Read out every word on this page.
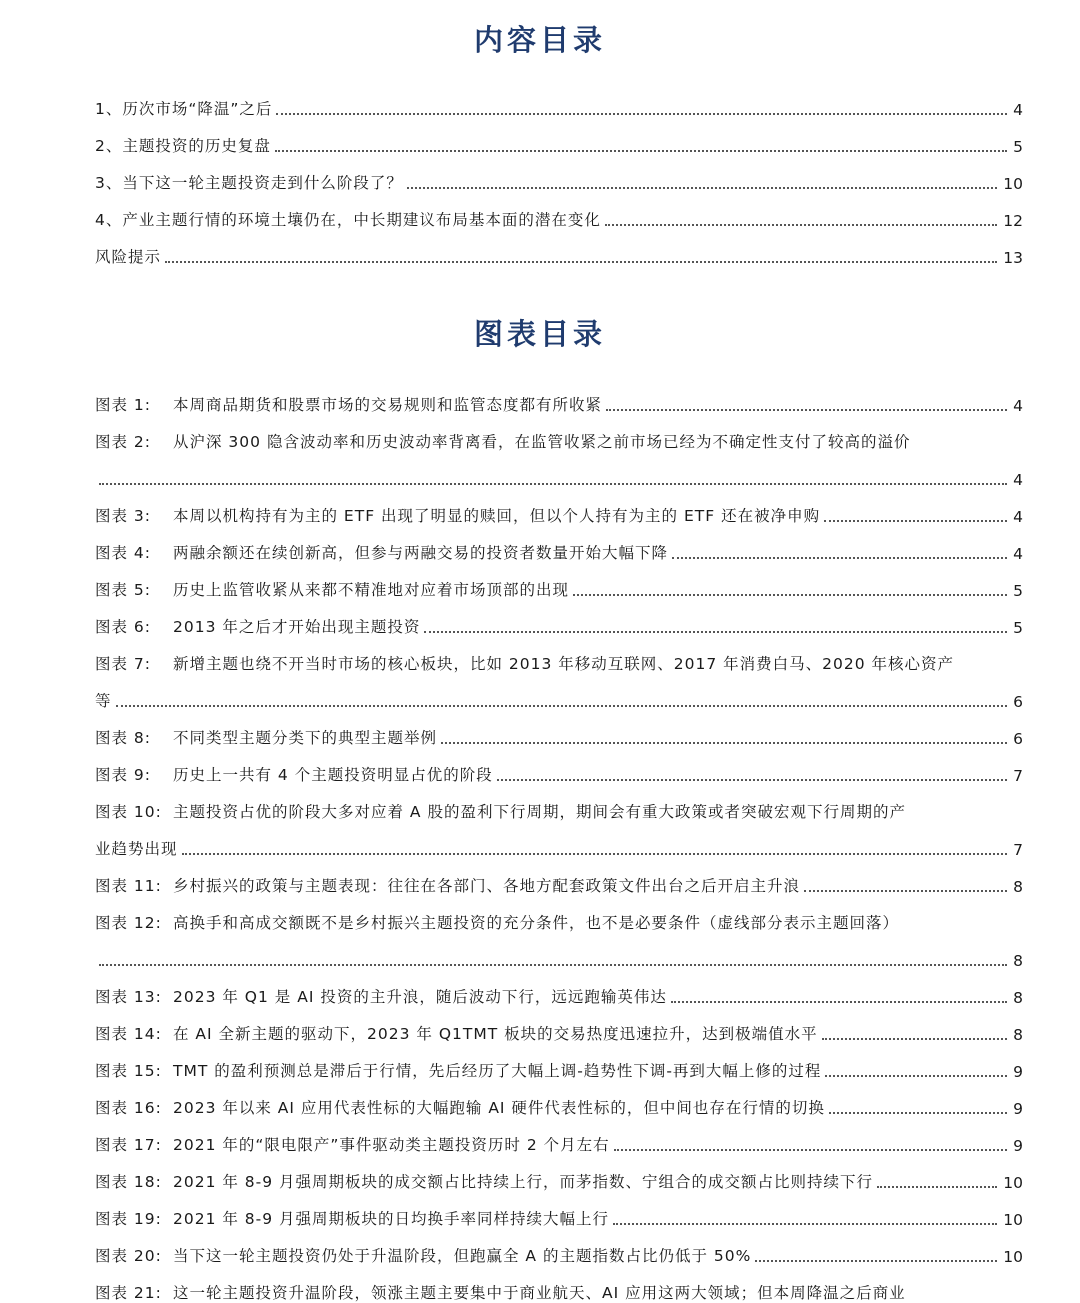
内容目录
1、历次市场“降温”之后	4
2、主题投资的历史复盘	5
3、当下这一轮主题投资走到什么阶段了？	10
4、产业主题行情的环境土壤仍在，中长期建议布局基本面的潜在变化	12
风险提示	13
图表目录
图表 1:	本周商品期货和股票市场的交易规则和监管态度都有所收紧	4
图表 2:	从沪深 300 隐含波动率和历史波动率背离看，在监管收紧之前市场已经为不确定性支付了较高的溢价
4
图表 3:	本周以机构持有为主的 ETF 出现了明显的赎回，但以个人持有为主的 ETF 还在被净申购	4
图表 4:	两融余额还在续创新高，但参与两融交易的投资者数量开始大幅下降	4
图表 5:	历史上监管收紧从来都不精准地对应着市场顶部的出现	5
图表 6:	2013 年之后才开始出现主题投资	5
图表 7:	新增主题也绕不开当时市场的核心板块，比如 2013 年移动互联网、2017 年消费白马、2020 年核心资产
等	6
图表 8:	不同类型主题分类下的典型主题举例	6
图表 9:	历史上一共有 4 个主题投资明显占优的阶段	7
图表 10: 主题投资占优的阶段大多对应着 A 股的盈利下行周期，期间会有重大政策或者突破宏观下行周期的产
业趋势出现	7
图表 11: 乡村振兴的政策与主题表现：往往在各部门、各地方配套政策文件出台之后开启主升浪	8
图表 12: 高换手和高成交额既不是乡村振兴主题投资的充分条件，也不是必要条件（虚线部分表示主题回落）
8
图表 13: 2023 年 Q1 是 AI 投资的主升浪，随后波动下行，远远跑输英伟达	8
图表 14: 在 AI 全新主题的驱动下，2023 年 Q1TMT 板块的交易热度迅速拉升，达到极端值水平	8
图表 15: TMT 的盈利预测总是滞后于行情，先后经历了大幅上调-趋势性下调-再到大幅上修的过程	9
图表 16: 2023 年以来 AI 应用代表性标的大幅跑输 AI 硬件代表性标的，但中间也存在行情的切换	9
图表 17: 2021 年的“限电限产”事件驱动类主题投资历时 2 个月左右	9
图表 18: 2021 年 8-9 月强周期板块的成交额占比持续上行，而茅指数、宁组合的成交额占比则持续下行	10
图表 19: 2021 年 8-9 月强周期板块的日均换手率同样持续大幅上行	10
图表 20: 当下这一轮主题投资仍处于升温阶段，但跑赢全 A 的主题指数占比仍低于 50%	10
图表 21: 这一轮主题投资升温阶段，领涨主题主要集中于商业航天、AI 应用这两大领域；但本周降温之后商业
